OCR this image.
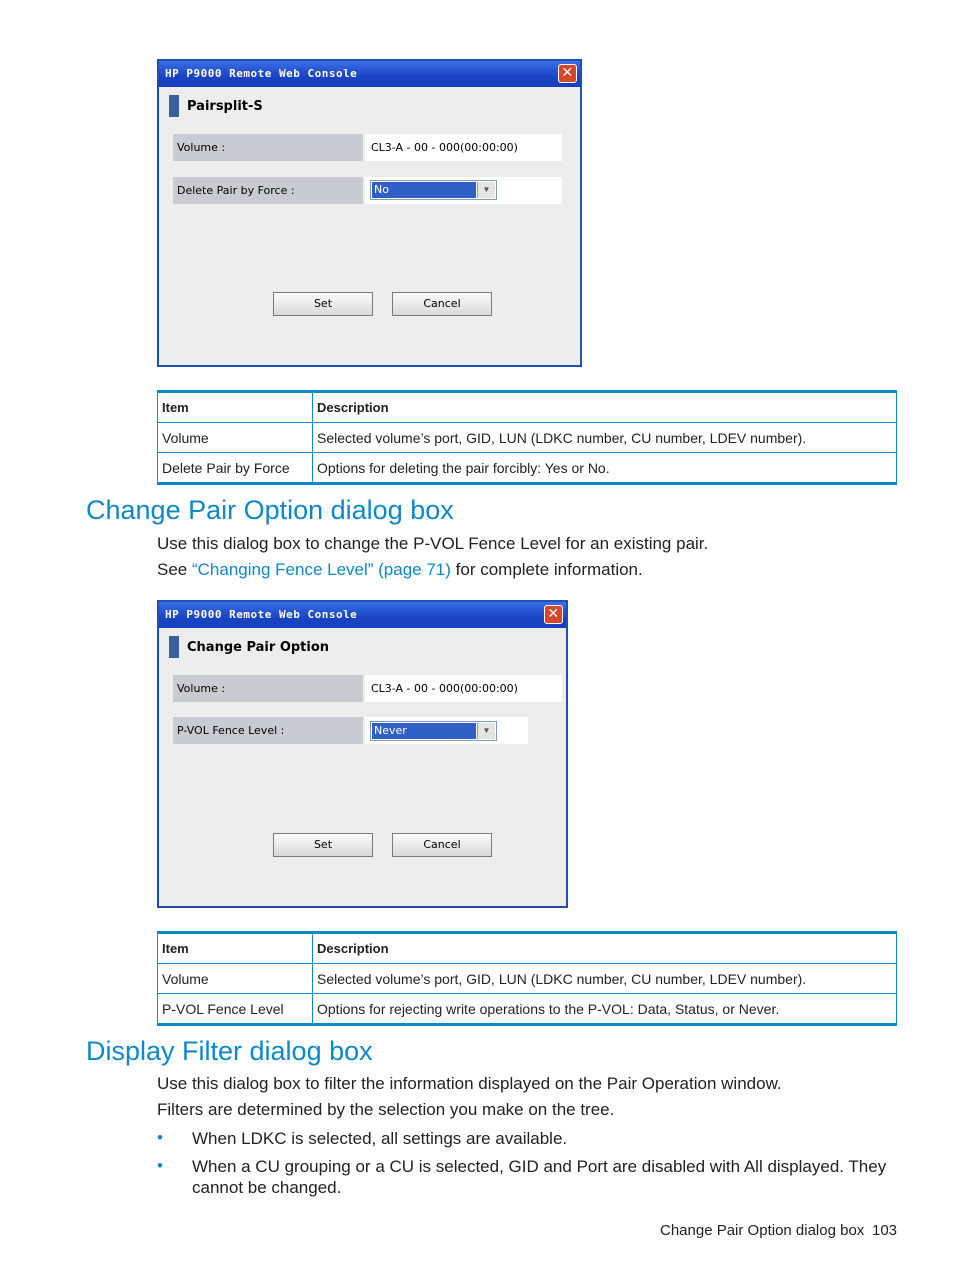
HP P9000 Remote Web Console	✕
Pairsplit-S
Volume :	CL3-A - 00 - 000(00:00:00)
Delete Pair by Force :	No	▼
Set	Cancel
Item	Description
Volume	Selected volume’s port, GID, LUN (LDKC number, CU number, LDEV number).
Delete Pair by Force	Options for deleting the pair forcibly: Yes or No.
Change Pair Option dialog box

Use this dialog box to change the P-VOL Fence Level for an existing pair.

See “Changing Fence Level” (page 71) for complete information.

HP P9000 Remote Web Console	✕
Change Pair Option
Volume :	CL3-A - 00 - 000(00:00:00)
P-VOL Fence Level :	Never	▼
Set	Cancel
Item	Description
Volume	Selected volume’s port, GID, LUN (LDKC number, CU number, LDEV number).
P-VOL Fence Level	Options for rejecting write operations to the P-VOL: Data, Status, or Never.
Display Filter dialog box

Use this dialog box to filter the information displayed on the Pair Operation window.

Filters are determined by the selection you make on the tree.

• When LDKC is selected, all settings are available.
• When a CU grouping or a CU is selected, GID and Port are disabled with All displayed. They cannot be changed.
Change Pair Option dialog box 103
